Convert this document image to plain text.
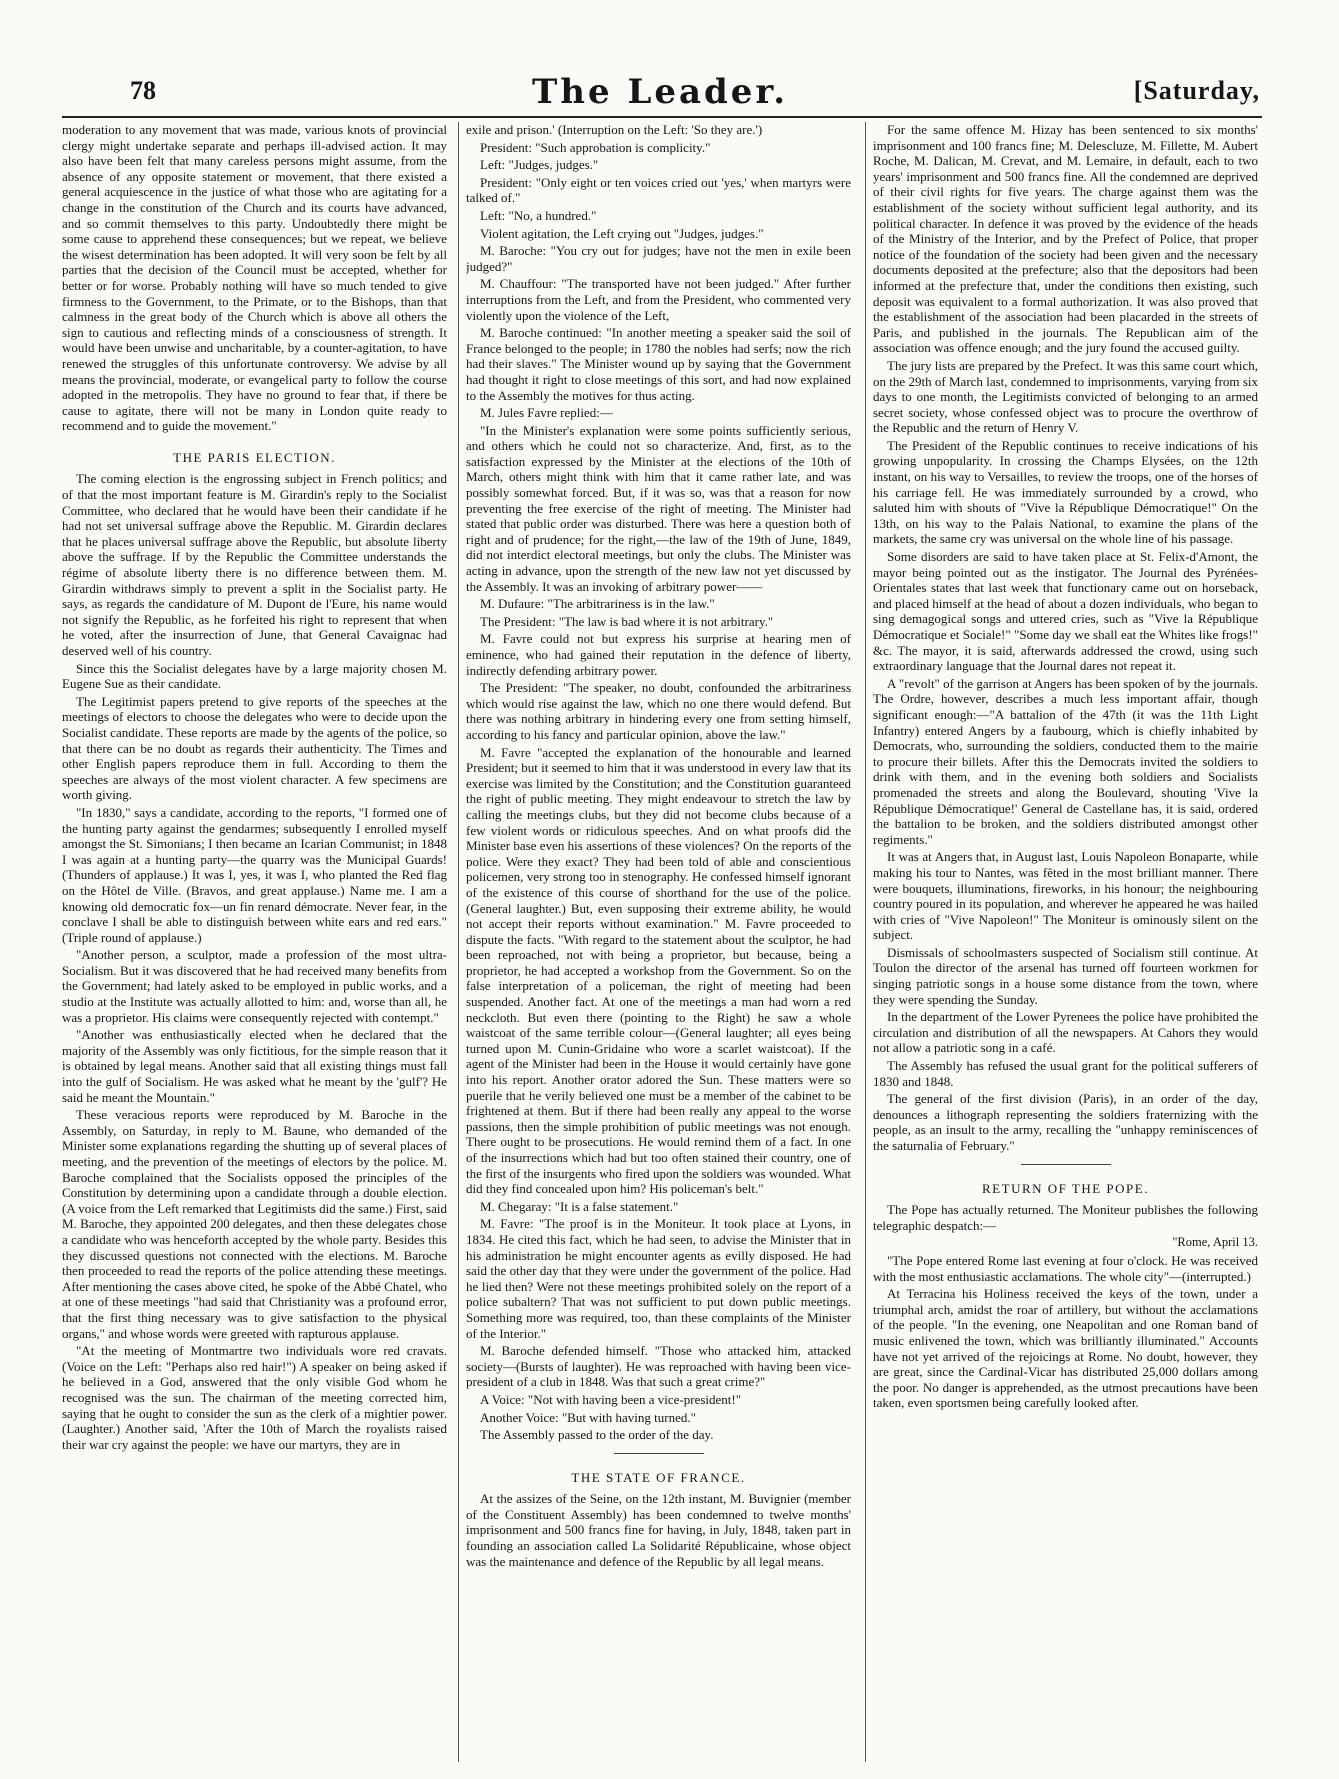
78	The Leader.	[Saturday,

moderation to any movement that was made, various knots of provincial clergy might undertake separate and perhaps ill-advised action. It may also have been felt that many careless persons might assume, from the absence of any opposite statement or movement, that there existed a general acquiescence in the justice of what those who are agitating for a change in the constitution of the Church and its courts have advanced, and so commit themselves to this party. Undoubtedly there might be some cause to apprehend these consequences; but we repeat, we believe the wisest determination has been adopted. It will very soon be felt by all parties that the decision of the Council must be accepted, whether for better or for worse. Probably nothing will have so much tended to give firmness to the Government, to the Primate, or to the Bishops, than that calmness in the great body of the Church which is above all others the sign to cautious and reflecting minds of a consciousness of strength. It would have been unwise and uncharitable, by a counter-agitation, to have renewed the struggles of this unfortunate controversy. We advise by all means the provincial, moderate, or evangelical party to follow the course adopted in the metropolis. They have no ground to fear that, if there be cause to agitate, there will not be many in London quite ready to recommend and to guide the movement."

THE PARIS ELECTION.

The coming election is the engrossing subject in French politics; and of that the most important feature is M. Girardin's reply to the Socialist Committee, who declared that he would have been their candidate if he had not set universal suffrage above the Republic. M. Girardin declares that he places universal suffrage above the Republic, but absolute liberty above the suffrage. If by the Republic the Committee understands the régime of absolute liberty there is no difference between them. M. Girardin withdraws simply to prevent a split in the Socialist party. He says, as regards the candidature of M. Dupont de l'Eure, his name would not signify the Republic, as he forfeited his right to represent that when he voted, after the insurrection of June, that General Cavaignac had deserved well of his country.

Since this the Socialist delegates have by a large majority chosen M. Eugene Sue as their candidate.

The Legitimist papers pretend to give reports of the speeches at the meetings of electors to choose the delegates who were to decide upon the Socialist candidate. These reports are made by the agents of the police, so that there can be no doubt as regards their authenticity. The Times and other English papers reproduce them in full. According to them the speeches are always of the most violent character. A few specimens are worth giving.

"In 1830," says a candidate, according to the reports, "I formed one of the hunting party against the gendarmes; subsequently I enrolled myself amongst the St. Simonians; I then became an Icarian Communist; in 1848 I was again at a hunting party—the quarry was the Municipal Guards! (Thunders of applause.) It was I, yes, it was I, who planted the Red flag on the Hôtel de Ville. (Bravos, and great applause.) Name me. I am a knowing old democratic fox—un fin renard démocrate. Never fear, in the conclave I shall be able to distinguish between white ears and red ears." (Triple round of applause.)

"Another person, a sculptor, made a profession of the most ultra-Socialism. But it was discovered that he had received many benefits from the Government; had lately asked to be employed in public works, and a studio at the Institute was actually allotted to him: and, worse than all, he was a proprietor. His claims were consequently rejected with contempt."

"Another was enthusiastically elected when he declared that the majority of the Assembly was only fictitious, for the simple reason that it is obtained by legal means. Another said that all existing things must fall into the gulf of Socialism. He was asked what he meant by the 'gulf'? He said he meant the Mountain."

These veracious reports were reproduced by M. Baroche in the Assembly, on Saturday, in reply to M. Baune, who demanded of the Minister some explanations regarding the shutting up of several places of meeting, and the prevention of the meetings of electors by the police. M. Baroche complained that the Socialists opposed the principles of the Constitution by determining upon a candidate through a double election. (A voice from the Left remarked that Legitimists did the same.) First, said M. Baroche, they appointed 200 delegates, and then these delegates chose a candidate who was henceforth accepted by the whole party. Besides this they discussed questions not connected with the elections. M. Baroche then proceeded to read the reports of the police attending these meetings. After mentioning the cases above cited, he spoke of the Abbé Chatel, who at one of these meetings "had said that Christianity was a profound error, that the first thing necessary was to give satisfaction to the physical organs," and whose words were greeted with rapturous applause.

"At the meeting of Montmartre two individuals wore red cravats. (Voice on the Left: "Perhaps also red hair!") A speaker on being asked if he believed in a God, answered that the only visible God whom he recognised was the sun. The chairman of the meeting corrected him, saying that he ought to consider the sun as the clerk of a mightier power. (Laughter.) Another said, 'After the 10th of March the royalists raised their war cry against the people: we have our martyrs, they are in

exile and prison.' (Interruption on the Left: 'So they are.')

President: "Such approbation is complicity."

Left: "Judges, judges."

President: "Only eight or ten voices cried out 'yes,' when martyrs were talked of."

Left: "No, a hundred."

Violent agitation, the Left crying out "Judges, judges."

M. Baroche: "You cry out for judges; have not the men in exile been judged?"

M. Chauffour: "The transported have not been judged." After further interruptions from the Left, and from the President, who commented very violently upon the violence of the Left,

M. Baroche continued: "In another meeting a speaker said the soil of France belonged to the people; in 1780 the nobles had serfs; now the rich had their slaves." The Minister wound up by saying that the Government had thought it right to close meetings of this sort, and had now explained to the Assembly the motives for thus acting.

M. Jules Favre replied:—

"In the Minister's explanation were some points sufficiently serious, and others which he could not so characterize. And, first, as to the satisfaction expressed by the Minister at the elections of the 10th of March, others might think with him that it came rather late, and was possibly somewhat forced. But, if it was so, was that a reason for now preventing the free exercise of the right of meeting. The Minister had stated that public order was disturbed. There was here a question both of right and of prudence; for the right,—the law of the 19th of June, 1849, did not interdict electoral meetings, but only the clubs. The Minister was acting in advance, upon the strength of the new law not yet discussed by the Assembly. It was an invoking of arbitrary power——

M. Dufaure: "The arbitrariness is in the law."

The President: "The law is bad where it is not arbitrary."

M. Favre could not but express his surprise at hearing men of eminence, who had gained their reputation in the defence of liberty, indirectly defending arbitrary power.

The President: "The speaker, no doubt, confounded the arbitrariness which would rise against the law, which no one there would defend. But there was nothing arbitrary in hindering every one from setting himself, according to his fancy and particular opinion, above the law."

M. Favre "accepted the explanation of the honourable and learned President; but it seemed to him that it was understood in every law that its exercise was limited by the Constitution; and the Constitution guaranteed the right of public meeting. They might endeavour to stretch the law by calling the meetings clubs, but they did not become clubs because of a few violent words or ridiculous speeches. And on what proofs did the Minister base even his assertions of these violences? On the reports of the police. Were they exact? They had been told of able and conscientious policemen, very strong too in stenography. He confessed himself ignorant of the existence of this course of shorthand for the use of the police. (General laughter.) But, even supposing their extreme ability, he would not accept their reports without examination." M. Favre proceeded to dispute the facts. "With regard to the statement about the sculptor, he had been reproached, not with being a proprietor, but because, being a proprietor, he had accepted a workshop from the Government. So on the false interpretation of a policeman, the right of meeting had been suspended. Another fact. At one of the meetings a man had worn a red neckcloth. But even there (pointing to the Right) he saw a whole waistcoat of the same terrible colour—(General laughter; all eyes being turned upon M. Cunin-Gridaine who wore a scarlet waistcoat). If the agent of the Minister had been in the House it would certainly have gone into his report. Another orator adored the Sun. These matters were so puerile that he verily believed one must be a member of the cabinet to be frightened at them. But if there had been really any appeal to the worse passions, then the simple prohibition of public meetings was not enough. There ought to be prosecutions. He would remind them of a fact. In one of the insurrections which had but too often stained their country, one of the first of the insurgents who fired upon the soldiers was wounded. What did they find concealed upon him? His policeman's belt."

M. Chegaray: "It is a false statement."

M. Favre: "The proof is in the Moniteur. It took place at Lyons, in 1834. He cited this fact, which he had seen, to advise the Minister that in his administration he might encounter agents as evilly disposed. He had said the other day that they were under the government of the police. Had he lied then? Were not these meetings prohibited solely on the report of a police subaltern? That was not sufficient to put down public meetings. Something more was required, too, than these complaints of the Minister of the Interior."

M. Baroche defended himself. "Those who attacked him, attacked society—(Bursts of laughter). He was reproached with having been vice-president of a club in 1848. Was that such a great crime?"

A Voice: "Not with having been a vice-president!"

Another Voice: "But with having turned."

The Assembly passed to the order of the day.

THE STATE OF FRANCE.

At the assizes of the Seine, on the 12th instant, M. Buvignier (member of the Constituent Assembly) has been condemned to twelve months' imprisonment and 500 francs fine for having, in July, 1848, taken part in founding an association called La Solidarité Républicaine, whose object was the maintenance and defence of the Republic by all legal means.

For the same offence M. Hizay has been sentenced to six months' imprisonment and 100 francs fine; M. Delescluze, M. Fillette, M. Aubert Roche, M. Dalican, M. Crevat, and M. Lemaire, in default, each to two years' imprisonment and 500 francs fine. All the condemned are deprived of their civil rights for five years. The charge against them was the establishment of the society without sufficient legal authority, and its political character. In defence it was proved by the evidence of the heads of the Ministry of the Interior, and by the Prefect of Police, that proper notice of the foundation of the society had been given and the necessary documents deposited at the prefecture; also that the depositors had been informed at the prefecture that, under the conditions then existing, such deposit was equivalent to a formal authorization. It was also proved that the establishment of the association had been placarded in the streets of Paris, and published in the journals. The Republican aim of the association was offence enough; and the jury found the accused guilty.

The jury lists are prepared by the Prefect. It was this same court which, on the 29th of March last, condemned to imprisonments, varying from six days to one month, the Legitimists convicted of belonging to an armed secret society, whose confessed object was to procure the overthrow of the Republic and the return of Henry V.

The President of the Republic continues to receive indications of his growing unpopularity. In crossing the Champs Elysées, on the 12th instant, on his way to Versailles, to review the troops, one of the horses of his carriage fell. He was immediately surrounded by a crowd, who saluted him with shouts of "Vive la République Démocratique!" On the 13th, on his way to the Palais National, to examine the plans of the markets, the same cry was universal on the whole line of his passage.

Some disorders are said to have taken place at St. Felix-d'Amont, the mayor being pointed out as the instigator. The Journal des Pyrénées-Orientales states that last week that functionary came out on horseback, and placed himself at the head of about a dozen individuals, who began to sing demagogical songs and uttered cries, such as "Vive la République Démocratique et Sociale!" "Some day we shall eat the Whites like frogs!" &c. The mayor, it is said, afterwards addressed the crowd, using such extraordinary language that the Journal dares not repeat it.

A "revolt" of the garrison at Angers has been spoken of by the journals. The Ordre, however, describes a much less important affair, though significant enough:—"A battalion of the 47th (it was the 11th Light Infantry) entered Angers by a faubourg, which is chiefly inhabited by Democrats, who, surrounding the soldiers, conducted them to the mairie to procure their billets. After this the Democrats invited the soldiers to drink with them, and in the evening both soldiers and Socialists promenaded the streets and along the Boulevard, shouting 'Vive la République Démocratique!' General de Castellane has, it is said, ordered the battalion to be broken, and the soldiers distributed amongst other regiments."

It was at Angers that, in August last, Louis Napoleon Bonaparte, while making his tour to Nantes, was fêted in the most brilliant manner. There were bouquets, illuminations, fireworks, in his honour; the neighbouring country poured in its population, and wherever he appeared he was hailed with cries of "Vive Napoleon!" The Moniteur is ominously silent on the subject.

Dismissals of schoolmasters suspected of Socialism still continue. At Toulon the director of the arsenal has turned off fourteen workmen for singing patriotic songs in a house some distance from the town, where they were spending the Sunday.

In the department of the Lower Pyrenees the police have prohibited the circulation and distribution of all the newspapers. At Cahors they would not allow a patriotic song in a café.

The Assembly has refused the usual grant for the political sufferers of 1830 and 1848.

The general of the first division (Paris), in an order of the day, denounces a lithograph representing the soldiers fraternizing with the people, as an insult to the army, recalling the "unhappy reminiscences of the saturnalia of February."

RETURN OF THE POPE.

The Pope has actually returned. The Moniteur publishes the following telegraphic despatch:—

"Rome, April 13.

"The Pope entered Rome last evening at four o'clock. He was received with the most enthusiastic acclamations. The whole city"—(interrupted.)

At Terracina his Holiness received the keys of the town, under a triumphal arch, amidst the roar of artillery, but without the acclamations of the people. "In the evening, one Neapolitan and one Roman band of music enlivened the town, which was brilliantly illuminated." Accounts have not yet arrived of the rejoicings at Rome. No doubt, however, they are great, since the Cardinal-Vicar has distributed 25,000 dollars among the poor. No danger is apprehended, as the utmost precautions have been taken, even sportsmen being carefully looked after.
